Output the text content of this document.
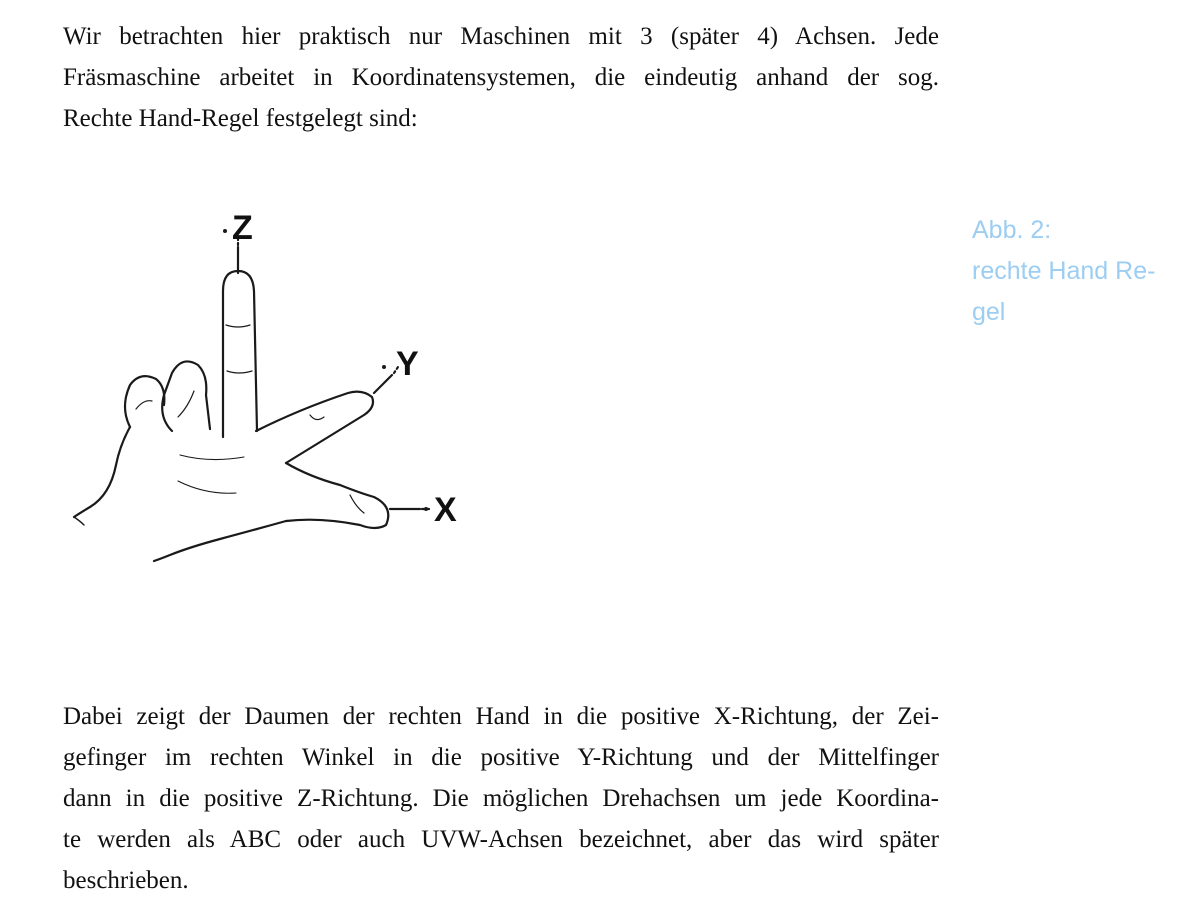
Wir betrachten hier praktisch nur Maschinen mit 3 (später 4) Achsen. Jede
Fräsmaschine arbeitet in Koordinatensystemen, die eindeutig anhand der sog.
Rechte Hand-Regel festgelegt sind:
Z
Y
X
Abb. 2:
rechte Hand Re-
gel
Dabei zeigt der Daumen der rechten Hand in die positive X-Richtung, der Zei-
gefinger im rechten Winkel in die positive Y-Richtung und der Mittelfinger
dann in die positive Z-Richtung. Die möglichen Drehachsen um jede Koordina-
te werden als ABC oder auch UVW-Achsen bezeichnet, aber das wird später
beschrieben.
